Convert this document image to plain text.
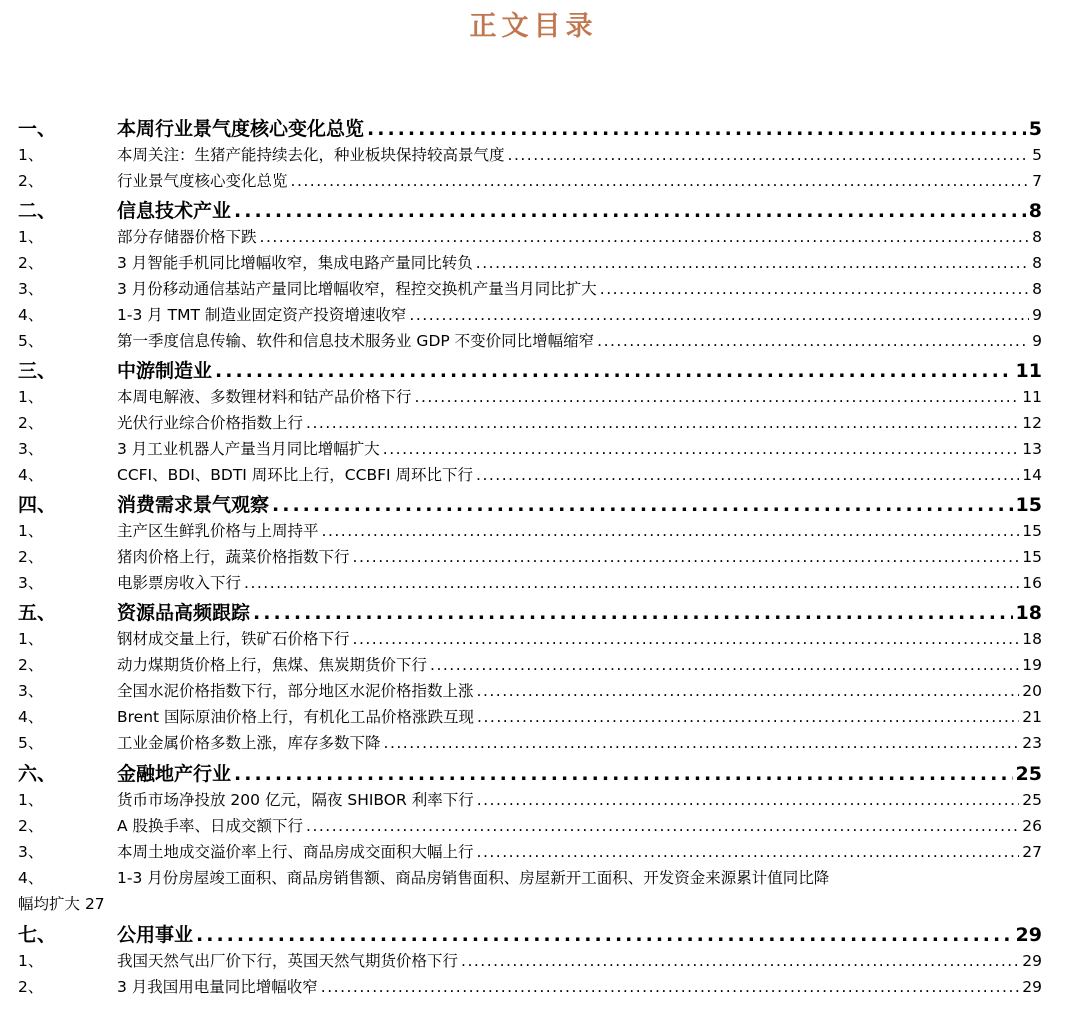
正文目录
一、	本周行业景气度核心变化总览 .....	5
1、	本周关注：生猪产能持续去化，种业板块保持较高景气度 .....	5
2、	行业景气度核心变化总览 .....	7
二、	信息技术产业 .....	8
1、	部分存储器价格下跌 .....	8
2、	3 月智能手机同比增幅收窄，集成电路产量同比转负 .....	8
3、	3 月份移动通信基站产量同比增幅收窄，程控交换机产量当月同比扩大 .....	8
4、	1-3 月 TMT 制造业固定资产投资增速收窄 .....	9
5、	第一季度信息传输、软件和信息技术服务业 GDP 不变价同比增幅缩窄 .....	9
三、	中游制造业 .....	11
1、	本周电解液、多数锂材料和钴产品价格下行 .....	11
2、	光伏行业综合价格指数上行 .....	12
3、	3 月工业机器人产量当月同比增幅扩大 .....	13
4、	CCFI、BDI、BDTI 周环比上行，CCBFI 周环比下行 .....	14
四、	消费需求景气观察 .....	15
1、	主产区生鲜乳价格与上周持平 .....	15
2、	猪肉价格上行，蔬菜价格指数下行 .....	15
3、	电影票房收入下行 .....	16
五、	资源品高频跟踪 .....	18
1、	钢材成交量上行，铁矿石价格下行 .....	18
2、	动力煤期货价格上行，焦煤、焦炭期货价下行 .....	19
3、	全国水泥价格指数下行，部分地区水泥价格指数上涨 .....	20
4、	Brent 国际原油价格上行，有机化工品价格涨跌互现 .....	21
5、	工业金属价格多数上涨，库存多数下降 .....	23
六、	金融地产行业 .....	25
1、	货币市场净投放 200 亿元，隔夜 SHIBOR 利率下行 .....	25
2、	A 股换手率、日成交额下行 .....	26
3、	本周土地成交溢价率上行、商品房成交面积大幅上行 .....	27
4、	1-3 月份房屋竣工面积、商品房销售额、商品房销售面积、房屋新开工面积、开发资金来源累计值同比降
幅均扩大 27
七、	公用事业 .....	29
1、	我国天然气出厂价下行，英国天然气期货价格下行 .....	29
2、	3 月我国用电量同比增幅收窄 .....	29
